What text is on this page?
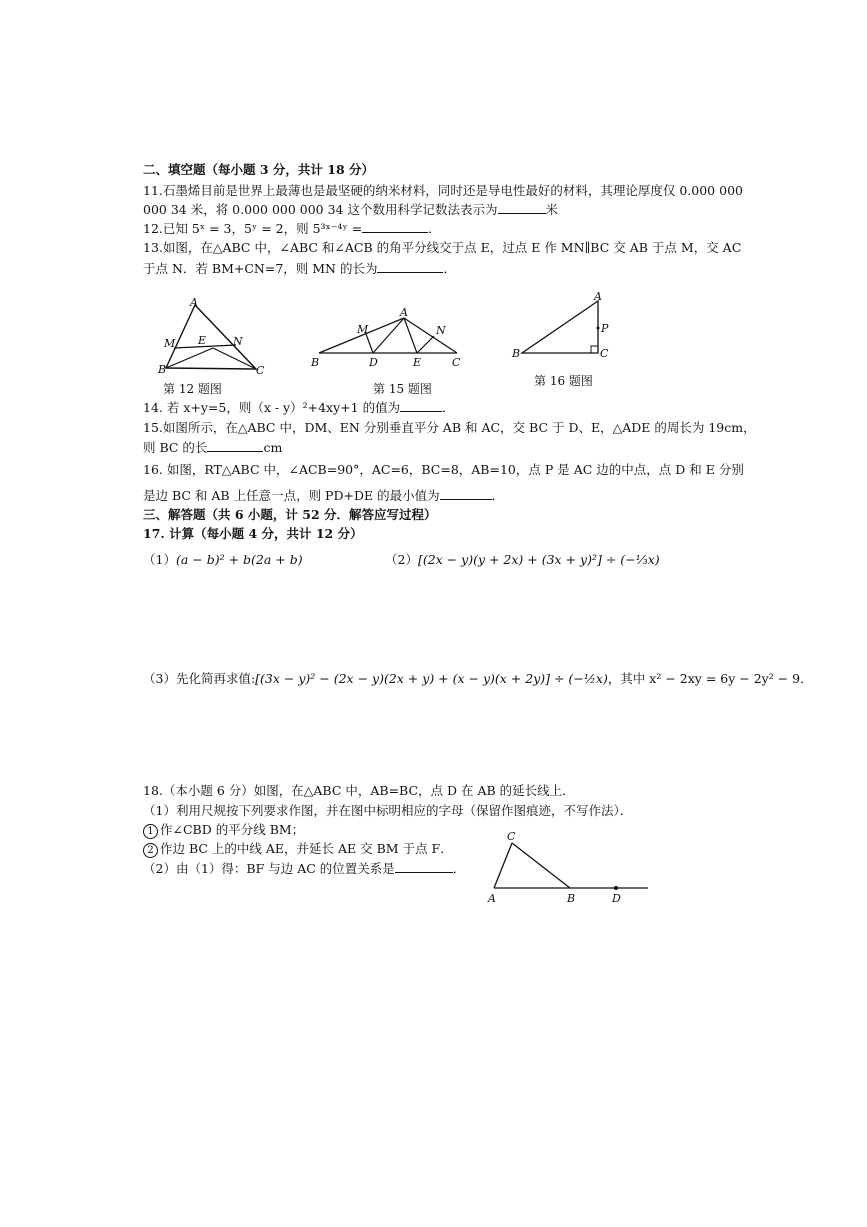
二、填空题（每小题 3 分，共计 18 分）
11.石墨烯目前是世界上最薄也是最坚硬的纳米材料，同时还是导电性最好的材料，其理论厚度仅 0.000 000
000 34 米，将 0.000 000 000 34 这个数用科学记数法表示为	米
12.已知 5ˣ = 3，5ʸ = 2，则 5³ˣ⁻⁴ʸ =	．
13.如图，在△ABC 中，∠ABC 和∠ACB 的角平分线交于点 E，过点 E 作 MN∥BC 交 AB 于点 M，交 AC
于点 N．若 BM+CN=7，则 MN 的长为	．
A
M E N
B	C
第 12 题图
A
M	N
B	D	E	C
第 15 题图
A
P
B	C
第 16 题图
14. 若 x+y=5，则（x - y）²+4xy+1 的值为	．
15.如图所示，在△ABC 中，DM、EN 分别垂直平分 AB 和 AC，交 BC 于 D、E，△ADE 的周长为 19cm，
则 BC 的长	cm
16. 如图，RT△ABC 中，∠ACB=90°，AC=6，BC=8，AB=10，点 P 是 AC 边的中点，点 D 和 E 分别
是边 BC 和 AB 上任意一点，则 PD+DE 的最小值为	．
三、解答题（共 6 小题，计 52 分．解答应写过程）
17. 计算（每小题 4 分，共计 12 分）
（1）(a − b)² + b(2a + b)	（2）[(2x − y)(y + 2x) + (3x + y)²] ÷ (−⅓x)
（3）先化简再求值:[(3x − y)² − (2x − y)(2x + y) + (x − y)(x + 2y)] ÷ (−½x)，其中 x² − 2xy = 6y − 2y² − 9．
18.（本小题 6 分）如图，在△ABC 中，AB=BC，点 D 在 AB 的延长线上．
（1）利用尺规按下列要求作图，并在图中标明相应的字母（保留作图痕迹，不写作法）．
1 作∠CBD 的平分线 BM；
2 作边 BC 上的中线 AE，并延长 AE 交 BM 于点 F．
（2）由（1）得：BF 与边 AC 的位置关系是	．
C
A	B	D
